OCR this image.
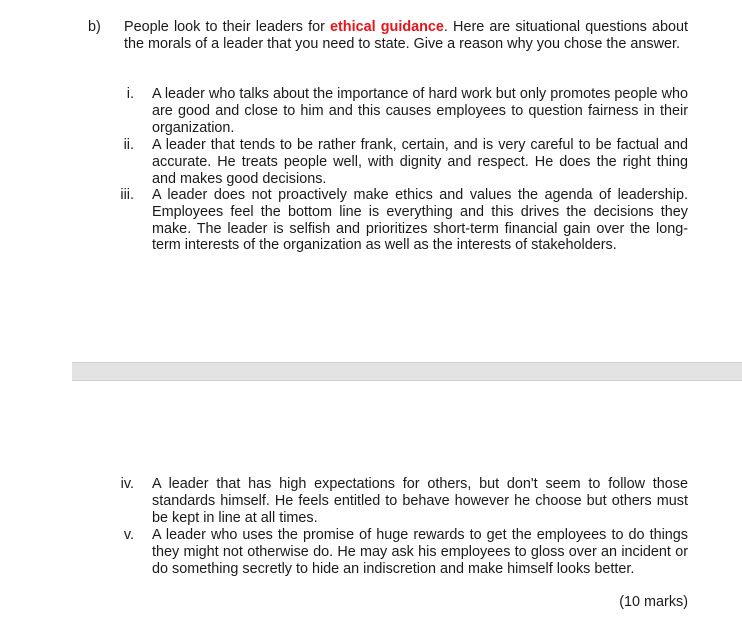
b) People look to their leaders for ethical guidance. Here are situational questions about the morals of a leader that you need to state. Give a reason why you chose the answer.
i. A leader who talks about the importance of hard work but only promotes people who are good and close to him and this causes employees to question fairness in their organization.
ii. A leader that tends to be rather frank, certain, and is very careful to be factual and accurate. He treats people well, with dignity and respect. He does the right thing and makes good decisions.
iii. A leader does not proactively make ethics and values the agenda of leadership. Employees feel the bottom line is everything and this drives the decisions they make. The leader is selfish and prioritizes short-term financial gain over the long-term interests of the organization as well as the interests of stakeholders.
iv. A leader that has high expectations for others, but don't seem to follow those standards himself. He feels entitled to behave however he choose but others must be kept in line at all times.
v. A leader who uses the promise of huge rewards to get the employees to do things they might not otherwise do. He may ask his employees to gloss over an incident or do something secretly to hide an indiscretion and make himself looks better.
(10 marks)
